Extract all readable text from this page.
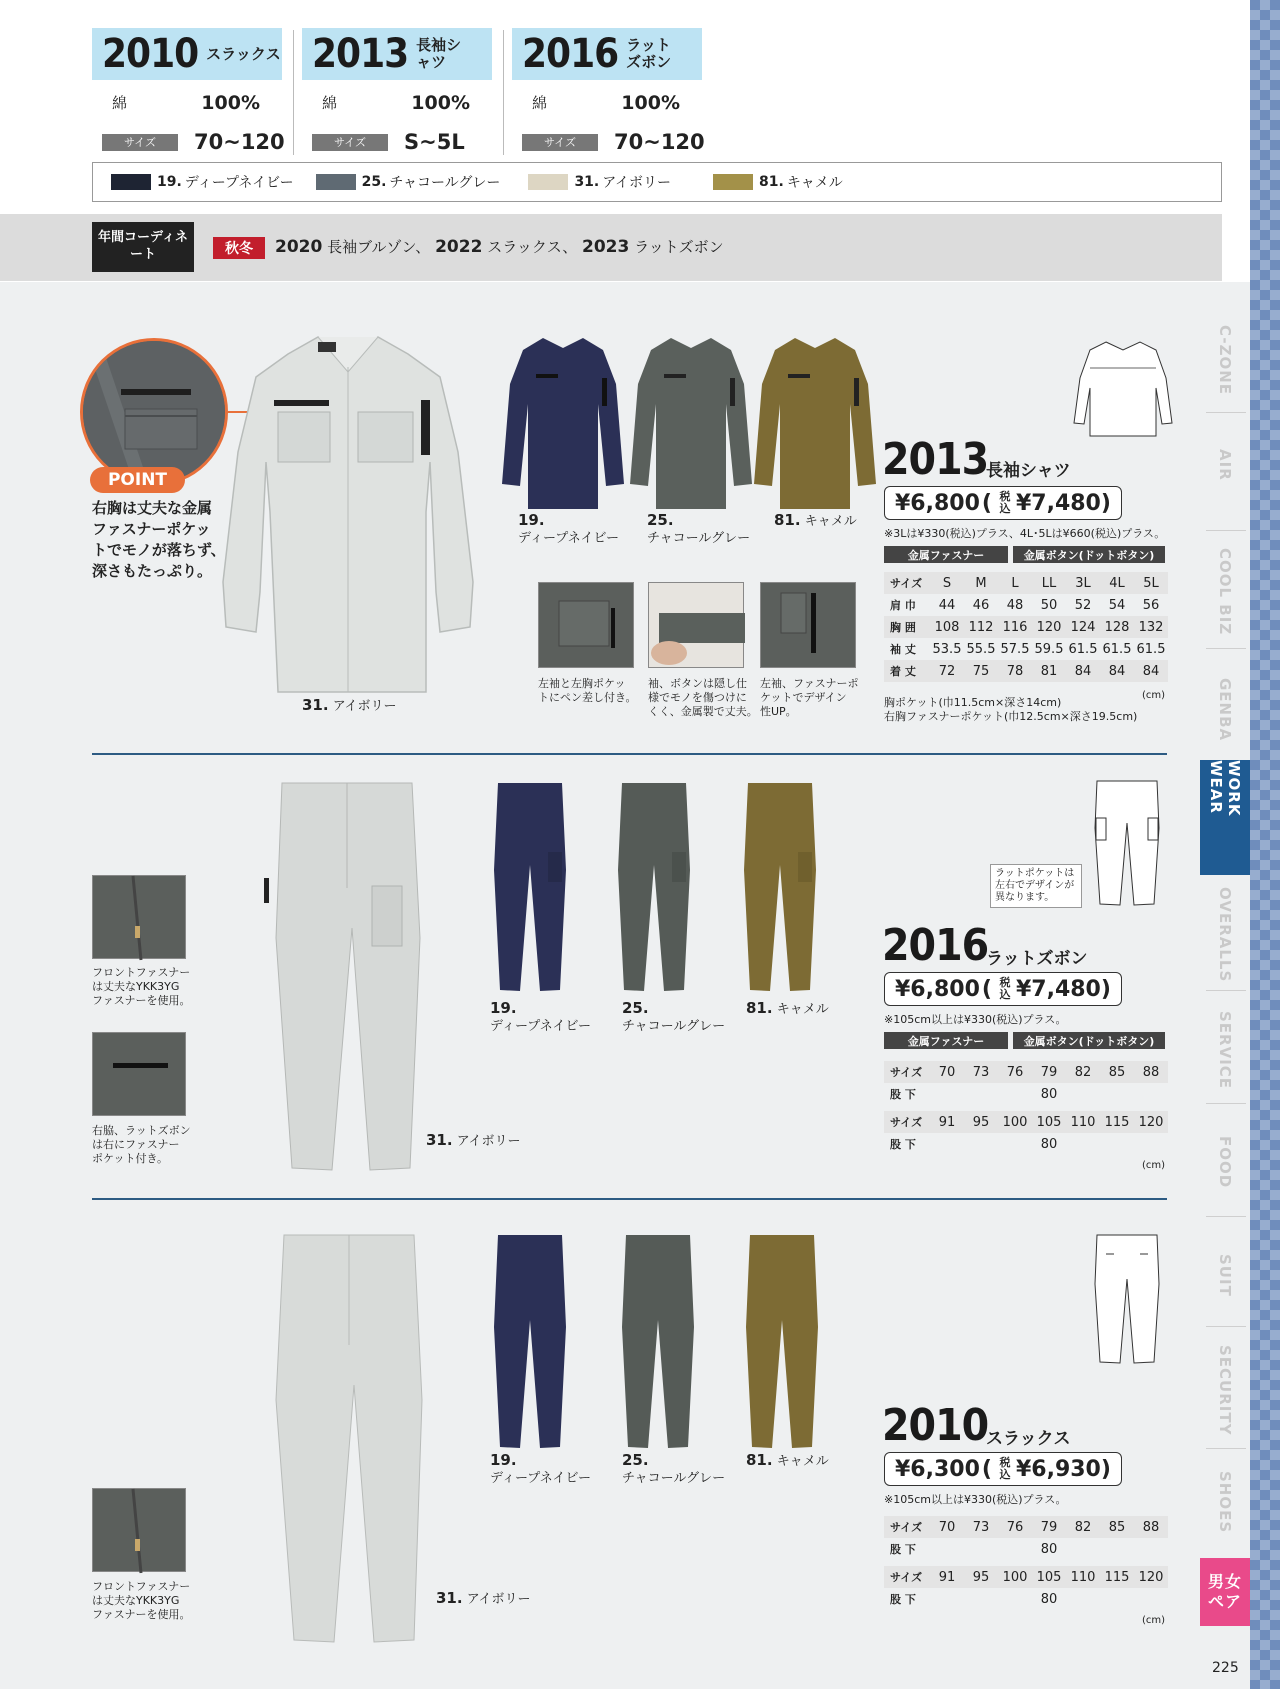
2010 スラックス
綿	100%
サイズ	70~120
2013 長袖シャツ
綿	100%
サイズ	S~5L
2016 ラットズボン
綿	100%
サイズ	70~120
19. ディープネイビー	25. チャコールグレー	31. アイボリー	81. キャメル
年間コーディネート	秋冬	2020 長袖ブルゾン、 2022 スラックス、 2023 ラットズボン
C-ZONE
AIR
COOL BIZ
GENBA
WORK WEAR
OVERALLS
SERVICE
FOOD
SUIT
SECURITY
SHOES
男女ペア
225
POINT
右胸は丈夫な金属
ファスナーポケッ
トでモノが落ちず、
深さもたっぷり。
31. アイボリー
19.
ディープネイビー
25.
チャコールグレー
81. キャメル
左袖と左胸ポケッ
トにペン差し付き。
袖、ボタンは隠し仕
様でモノを傷つけに
くく、金属製で丈夫。
左袖、ファスナーポ
ケットでデザイン
性UP。
2013
長袖シャツ
¥6,800 ( 税込 ¥7,480 )
※3Lは¥330(税込)プラス、4L･5Lは¥660(税込)プラス。
金属ファスナー	金属ボタン(ドットボタン)
サイズ	S	M	L	LL	3L	4L	5L
肩 巾	44	46	48	50	52	54	56
胸 囲	108	112	116	120	124	128	132
袖 丈	53.5	55.5	57.5	59.5	61.5	61.5	61.5
着 丈	72	75	78	81	84	84	84
(cm)
胸ポケット(巾11.5cm×深さ14cm)
右胸ファスナーポケット(巾12.5cm×深さ19.5cm)
フロントファスナー
は丈夫なYKK3YG
ファスナーを使用。
右脇、ラットズボン
は右にファスナー
ポケット付き。
31. アイボリー
19.
ディープネイビー
25.
チャコールグレー
81. キャメル
ラットポケットは
左右でデザインが
異なります。
2016
ラットズボン
¥6,800 ( 税込 ¥7,480 )
※105cm以上は¥330(税込)プラス。
金属ファスナー	金属ボタン(ドットボタン)
サイズ	70	73	76	79	82	85	88
股 下				80			
サイズ	91	95	100	105	110	115	120
股 下				80			
(cm)
フロントファスナー
は丈夫なYKK3YG
ファスナーを使用。
31. アイボリー
19.
ディープネイビー
25.
チャコールグレー
81. キャメル
2010
スラックス
¥6,300 ( 税込 ¥6,930 )
※105cm以上は¥330(税込)プラス。
サイズ	70	73	76	79	82	85	88
股 下				80			
サイズ	91	95	100	105	110	115	120
股 下				80			
(cm)
